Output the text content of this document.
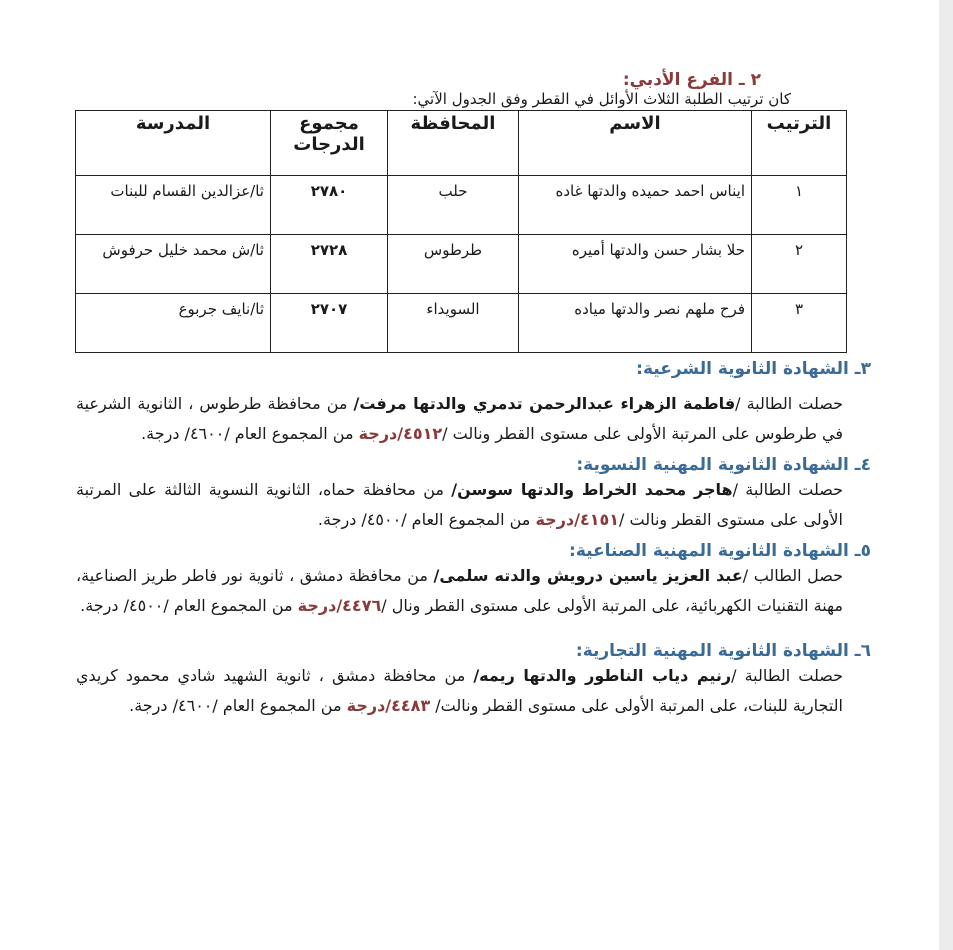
٢ ـ الفرع الأدبي:

كان ترتيب الطلبة الثلاث الأوائل في القطر وفق الجدول الآتي:

الترتيب	الاسم	المحافظة	مجموع الدرجات	المدرسة
١	ايناس احمد حميده والدتها غاده	حلب	٢٧٨٠	ثا/عزالدين القسام للبنات
٢	حلا بشار حسن والدتها أميره	طرطوس	٢٧٢٨	ثا/ش محمد خليل حرفوش
٣	فرح ملهم نصر والدتها مياده	السويداء	٢٧٠٧	ثا/نايف جربوع

٣ـ الشهادة الثانوية الشرعية:

حصلت الطالبة /فاطمة الزهراء عبدالرحمن تدمري والدتها مرفت/ من محافظة طرطوس ، الثانوية الشرعية في طرطوس على المرتبة الأولى على مستوى القطر ونالت /٤٥١٢/درجة من المجموع العام /٤٦٠٠/ درجة.

٤ـ الشهادة الثانوية المهنية النسوية:

حصلت الطالبة /هاجر محمد الخراط والدتها سوسن/ من محافظة حماه، الثانوية النسوية الثالثة على المرتبة الأولى على مستوى القطر ونالت /٤١٥١/درجة من المجموع العام /٤٥٠٠/ درجة.

٥ـ الشهادة الثانوية المهنية الصناعية:

حصل الطالب /عبد العزيز ياسين درويش والدته سلمى/ من محافظة دمشق ، ثانوية نور فاطر طريز الصناعية، مهنة التقنيات الكهربائية، على المرتبة الأولى على مستوى القطر ونال /٤٤٧٦/درجة من المجموع العام /٤٥٠٠/ درجة.

٦ـ الشهادة الثانوية المهنية التجارية:

حصلت الطالبة /رنيم دياب الناطور والدتها ريمه/ من محافظة دمشق ، ثانوية الشهيد شادي محمود كريدي التجارية للبنات، على المرتبة الأولى على مستوى القطر ونالت/ ٤٤٨٣/درجة من المجموع العام /٤٦٠٠/ درجة.
